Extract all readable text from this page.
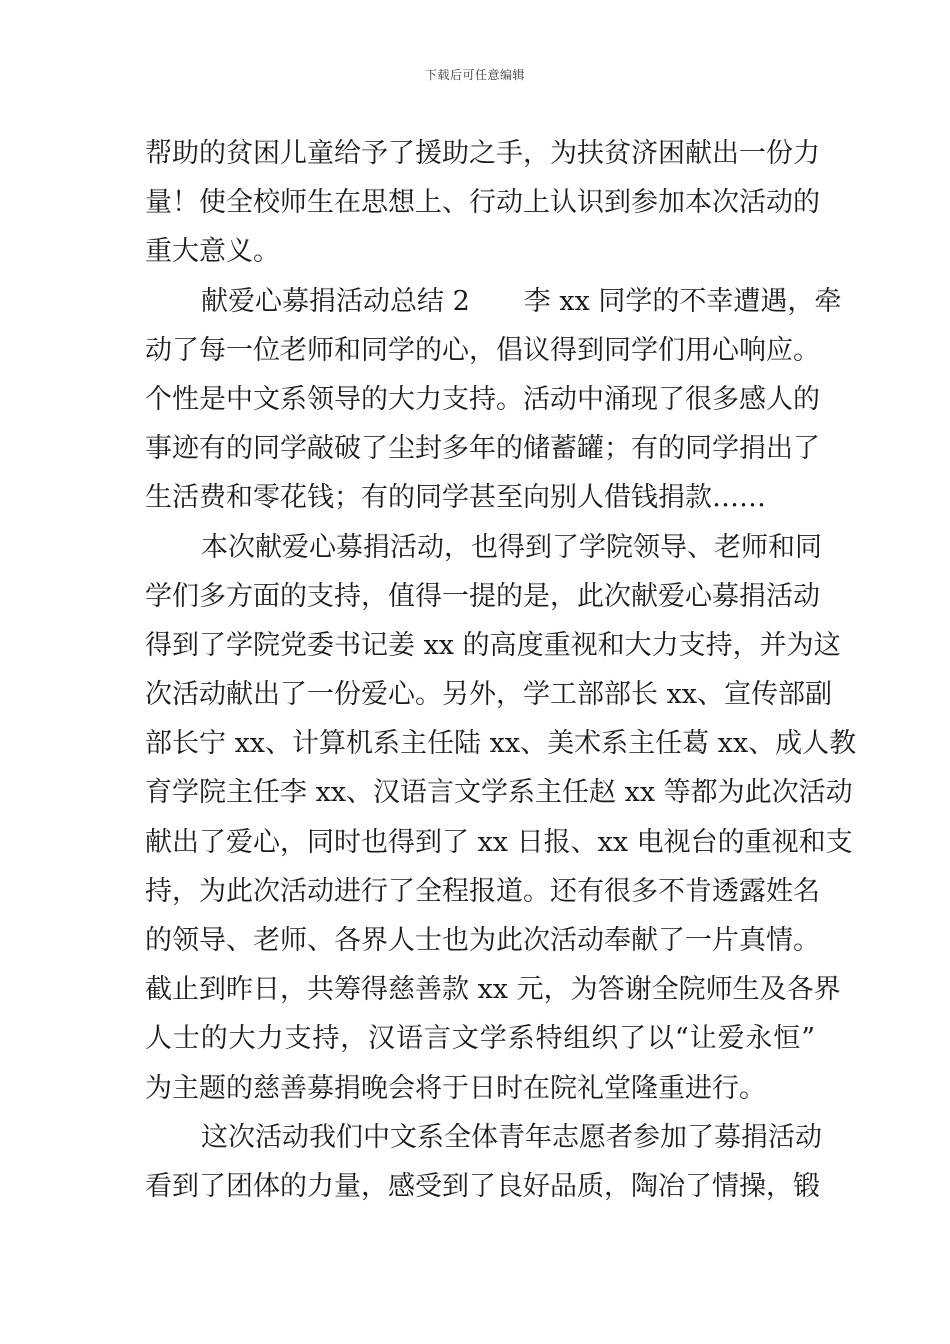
下载后可任意编辑
帮助的贫困儿童给予了援助之手，为扶贫济困献出一份力
量！使全校师生在思想上、行动上认识到参加本次活动的
重大意义。
献爱心募捐活动总结 2　　李 xx 同学的不幸遭遇，牵
动了每一位老师和同学的心，倡议得到同学们用心响应。
个性是中文系领导的大力支持。活动中涌现了很多感人的
事迹有的同学敲破了尘封多年的储蓄罐；有的同学捐出了
生活费和零花钱；有的同学甚至向别人借钱捐款……
本次献爱心募捐活动，也得到了学院领导、老师和同
学们多方面的支持，值得一提的是，此次献爱心募捐活动
得到了学院党委书记姜 xx 的高度重视和大力支持，并为这
次活动献出了一份爱心。另外，学工部部长 xx、宣传部副
部长宁 xx、计算机系主任陆 xx、美术系主任葛 xx、成人教
育学院主任李 xx、汉语言文学系主任赵 xx 等都为此次活动
献出了爱心，同时也得到了 xx 日报、xx 电视台的重视和支
持，为此次活动进行了全程报道。还有很多不肯透露姓名
的领导、老师、各界人士也为此次活动奉献了一片真情。
截止到昨日，共筹得慈善款 xx 元，为答谢全院师生及各界
人士的大力支持，汉语言文学系特组织了以“让爱永恒”
为主题的慈善募捐晚会将于日时在院礼堂隆重进行。
这次活动我们中文系全体青年志愿者参加了募捐活动
看到了团体的力量，感受到了良好品质，陶冶了情操，锻
